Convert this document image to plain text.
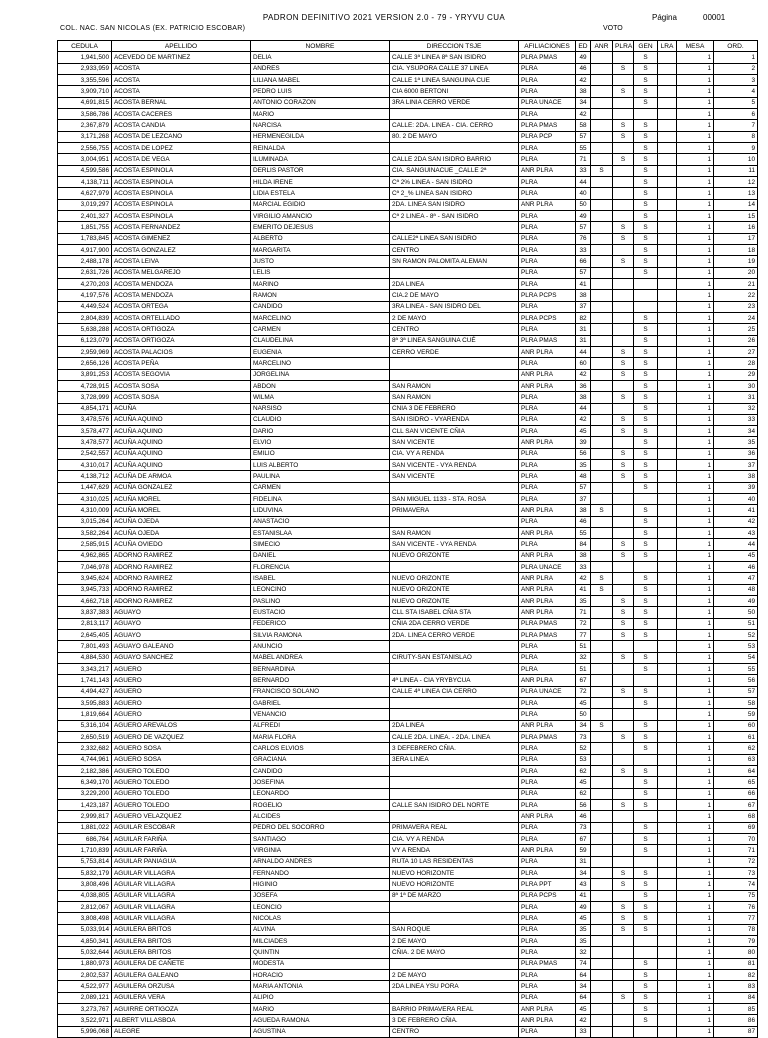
PADRON DEFINITIVO 2021 VERSION 2.0 - 79 - YRYVU CUA	Página	00001
COL. NAC. SAN NICOLAS (EX. PATRICIO ESCOBAR)	VOTO
CEDULA	APELLIDO	NOMBRE	DIRECCION TSJE	AFILIACIONES	ED	ANR	PLRA	GEN	LRA	MESA	ORD.
1,941,500	ACEVEDO DE MARTINEZ	DELIA	CALLE 3ª LINEA 8ª SAN ISIDRO	PLRA PMAS	49			S		1	1
2,933,959	ACOSTA	ANDRES	CIA. YSUPORA CALLE 37 LINEA	PLRA	46		S	S		1	2
3,355,596	ACOSTA	LILIANA MABEL	CALLE 1ª LINEA SANGUINA CUE	PLRA	42			S		1	3
3,909,710	ACOSTA	PEDRO LUIS	CIA 6000 BERTONI	PLRA	38		S	S		1	4
4,691,815	ACOSTA BERNAL	ANTONIO CORAZON	3RA LINIA CERRO VERDE	PLRA UNACE	34			S		1	5
3,586,786	ACOSTA CACERES	MARIO		PLRA	42					1	6
2,367,879	ACOSTA CANDIA	NARCISA	CALLE: 2DA. LINEA - CIA. CERRO	PLRA PMAS	58		S	S		1	7
3,171,268	ACOSTA DE LEZCANO	HERMENEGILDA	80. 2 DE MAYO	PLRA PCP	57		S	S		1	8
2,556,755	ACOSTA DE LOPEZ	REINALDA		PLRA	55			S		1	9
3,004,951	ACOSTA DE VEGA	ILUMINADA	CALLE 2DA SAN ISIDRO BARRIO	PLRA	71		S	S		1	10
4,599,586	ACOSTA ESPINOLA	DERLIS PASTOR	CIA. SANGUINACUE _CALLE 2ª	ANR PLRA	33	S		S		1	11
4,138,711	ACOSTA ESPINOLA	HILDA IRENE	Cª 2% LINEA - SAN ISIDRO	PLRA	44			S		1	12
4,627,979	ACOSTA ESPINOLA	LIDIA ESTELA	Cª 2_% LINEA SAN ISIDRO	PLRA	40			S		1	13
3,019,297	ACOSTA ESPINOLA	MARCIAL EGIDIO	2DA. LINEA SAN ISIDRO	ANR PLRA	50			S		1	14
2,401,327	ACOSTA ESPINOLA	VIRGILIO AMANCIO	Cª 2 LINEA - 8ª - SAN ISIDRO	PLRA	49			S		1	15
1,851,755	ACOSTA FERNANDEZ	EMERITO DEJESUS		PLRA	57		S	S		1	16
1,783,845	ACOSTA GIMENEZ	ALBERTO	CALLE2ª LINEA SAN ISIDRO	PLRA	76		S	S		1	17
4,917,900	ACOSTA GONZALEZ	MARGARITA	CENTRO	PLRA	33			S		1	18
2,488,178	ACOSTA LEIVA	JUSTO	SN RAMON PALOMITA ALEMAN	PLRA	66		S	S		1	19
2,631,726	ACOSTA MELGAREJO	LELIS		PLRA	57			S		1	20
4,270,203	ACOSTA MENDOZA	MARINO	2DA LINEA	PLRA	41					1	21
4,197,576	ACOSTA MENDOZA	RAMON	CIA.2 DE MAYO	PLRA PCPS	38					1	22
4,449,524	ACOSTA ORTEGA	CANDIDO	3RA LINEA - SAN ISIDRO DEL	PLRA	37					1	23
2,804,839	ACOSTA ORTELLADO	MARCELINO	2 DE MAYO	PLRA PCPS	82			S		1	24
5,638,288	ACOSTA ORTIGOZA	CARMEN	CENTRO	PLRA	31			S		1	25
6,123,079	ACOSTA ORTIGOZA	CLAUDELINA	8ª 3ª LINEA SANGUINA CUÉ	PLRA PMAS	31			S		1	26
2,959,969	ACOSTA PALACIOS	EUGENIA	CERRO VERDE	ANR PLRA	44		S	S		1	27
2,656,126	ACOSTA PEÑA	MARCELINO		PLRA	60		S	S		1	28
3,891,253	ACOSTA SEGOVIA	JORGELINA		ANR PLRA	42		S	S		1	29
4,728,915	ACOSTA SOSA	ABDON	SAN RAMON	ANR PLRA	36			S		1	30
3,728,999	ACOSTA SOSA	WILMA	SAN RAMON	PLRA	38		S	S		1	31
4,854,171	ACUÑA	NARSISO	CNIA 3 DE FEBRERO	PLRA	44			S		1	32
3,478,576	ACUÑA AQUINO	CLAUDIO	SAN ISIDRO - VYARENDA	PLRA	42		S	S		1	33
3,578,477	ACUÑA AQUINO	DARIO	CLL SAN VICENTE CÑIA	PLRA	45		S	S		1	34
3,478,577	ACUÑA AQUINO	ELVIO	SAN VICENTE	ANR PLRA	39			S		1	35
2,542,557	ACUÑA AQUINO	EMILIO	CIA. VY A RENDA	PLRA	56		S	S		1	36
4,310,017	ACUÑA AQUINO	LUIS ALBERTO	SAN VICENTE - VYA RENDA	PLRA	35		S	S		1	37
4,138,712	ACUÑA DE ARMOA	PAULINA	SAN VICENTE	PLRA	48		S	S		1	38
1,447,629	ACUÑA GONZALEZ	CARMEN		PLRA	57			S		1	39
4,310,025	ACUÑA MOREL	FIDELINA	SAN MIGUEL 1133 - STA. ROSA	PLRA	37					1	40
4,310,009	ACUÑA MOREL	LIDUVINA	PRIMAVERA	ANR PLRA	38	S		S		1	41
3,015,264	ACUÑA OJEDA	ANASTACIO		PLRA	46			S		1	42
3,582,264	ACUÑA OJEDA	ESTANISLAA	SAN RAMON	ANR PLRA	55			S		1	43
2,585,915	ACUÑA OVIEDO	SIMECIO	SAN VICENTE - VYA RENDA	PLRA	84		S	S		1	44
4,962,865	ADORNO RAMIREZ	DANIEL	NUEVO ORIZONTE	ANR PLRA	38		S	S		1	45
7,046,978	ADORNO RAMIREZ	FLORENCIA		PLRA UNACE	33					1	46
3,945,624	ADORNO RAMIREZ	ISABEL	NUEVO ORIZONTE	ANR PLRA	42	S		S		1	47
3,945,733	ADORNO RAMIREZ	LEONCINO	NUEVO ORIZONTE	ANR PLRA	41	S		S		1	48
4,662,718	ADORNO RAMIREZ	PASLINO	NUEVO ORIZONTE	ANR PLRA	35		S	S		1	49
3,837,383	AGUAYO	EUSTACIO	CLL STA ISABEL CÑIA STA	ANR PLRA	71		S	S		1	50
2,813,117	AGUAYO	FEDERICO	CÑIA 2DA CERRO VERDE	PLRA PMAS	72		S	S		1	51
2,645,405	AGUAYO	SILVIA RAMONA	2DA. LINEA CERRO VERDE	PLRA PMAS	77		S	S		1	52
7,801,493	AGUAYO GALEANO	ANUNCIO		PLRA	51					1	53
4,884,530	AGUAYO SANCHEZ	MABEL ANDREA	CIRUTY-SAN ESTANISLAO	PLRA	32		S	S		1	54
3,343,217	AGUERO	BERNARDINA		PLRA	51			S		1	55
1,741,143	AGUERO	BERNARDO	4ª LINEA - CIA YRYBYCUA	ANR PLRA	67					1	56
4,494,427	AGUERO	FRANCISCO SOLANO	CALLE 4ª LINEA CIA CERRO	PLRA UNACE	72		S	S		1	57
3,595,883	AGUERO	GABRIEL		PLRA	45			S		1	58
1,819,664	AGUERO	VENANCIO		PLRA	50					1	59
5,316,104	AGUERO AREVALOS	ALFREDI	2DA LINEA	ANR PLRA	34	S		S		1	60
2,650,519	AGUERO DE VAZQUEZ	MARIA FLORA	CALLE 2DA. LINEA. - 2DA. LINEA	PLRA PMAS	73		S	S		1	61
2,332,682	AGUERO SOSA	CARLOS ELVIOS	3 DEFEBRERO CÑIA.	PLRA	52			S		1	62
4,744,961	AGUERO SOSA	GRACIANA	3ERA LINEA	PLRA	53					1	63
2,182,386	AGUERO TOLEDO	CANDIDO		PLRA	62		S	S		1	64
6,349,170	AGUERO TOLEDO	JOSEFINA		PLRA	45			S		1	65
3,229,200	AGUERO TOLEDO	LEONARDO		PLRA	62			S		1	66
1,423,187	AGUERO TOLEDO	ROGELIO	CALLE SAN ISIDRO DEL NORTE	PLRA	56		S	S		1	67
2,999,817	AGUERO VELAZQUEZ	ALCIDES		ANR PLRA	46					1	68
1,881,022	AGUILAR ESCOBAR	PEDRO DEL SOCORRO	PRIMAVERA REAL	PLRA	73			S		1	69
686,764	AGUILAR FARIÑA	SANTIAGO	CIA. VY A RENDA	PLRA	67			S		1	70
1,710,839	AGUILAR FARIÑA	VIRGINIA	VY A RENDA	ANR PLRA	59			S		1	71
5,753,814	AGUILAR PANIAGUA	ARNALDO ANDRES	RUTA 10 LAS RESIDENTAS	PLRA	31					1	72
5,832,179	AGUILAR VILLAGRA	FERNANDO	NUEVO HORIZONTE	PLRA	34		S	S		1	73
3,808,496	AGUILAR VILLAGRA	HIGINIO	NUEVO HORIZONTE	PLRA PPT	43		S	S		1	74
4,038,805	AGUILAR VILLAGRA	JOSEFA	8ª 1ª DE MARZO	PLRA PCPS	41			S		1	75
2,812,067	AGUILAR VILLAGRA	LEONCIO		PLRA	49		S	S		1	76
3,808,498	AGUILAR VILLAGRA	NICOLAS		PLRA	45		S	S		1	77
5,033,914	AGUILERA BRITOS	ALVINA	SAN ROQUE	PLRA	35		S	S		1	78
4,850,341	AGUILERA BRITOS	MILCIADES	2 DE MAYO	PLRA	35					1	79
5,032,644	AGUILERA BRITOS	QUINTIN	CÑIA. 2 DE MAYO	PLRA	32					1	80
1,880,973	AGUILERA DE CAÑETE	MODESTA		PLRA PMAS	74			S		1	81
2,802,537	AGUILERA GALEANO	HORACIO	2 DE MAYO	PLRA	64			S		1	82
4,522,977	AGUILERA ORZUSA	MARIA ANTONIA	2DA LINEA YSU PORA	PLRA	34			S		1	83
2,089,121	AGUILERA VERA	ALIPIO		PLRA	64		S	S		1	84
3,273,767	AGUIRRE ORTIGOZA	MARIO	BARRIO PRIMAVERA REAL	ANR PLRA	45			S		1	85
3,522,971	ALBERT VILLASBOA	AGUEDA RAMONA	3 DE FEBRERO CÑIA.	ANR PLRA	42			S		1	86
5,996,068	ALEGRE	AGUSTINA	CENTRO	PLRA	33					1	87
